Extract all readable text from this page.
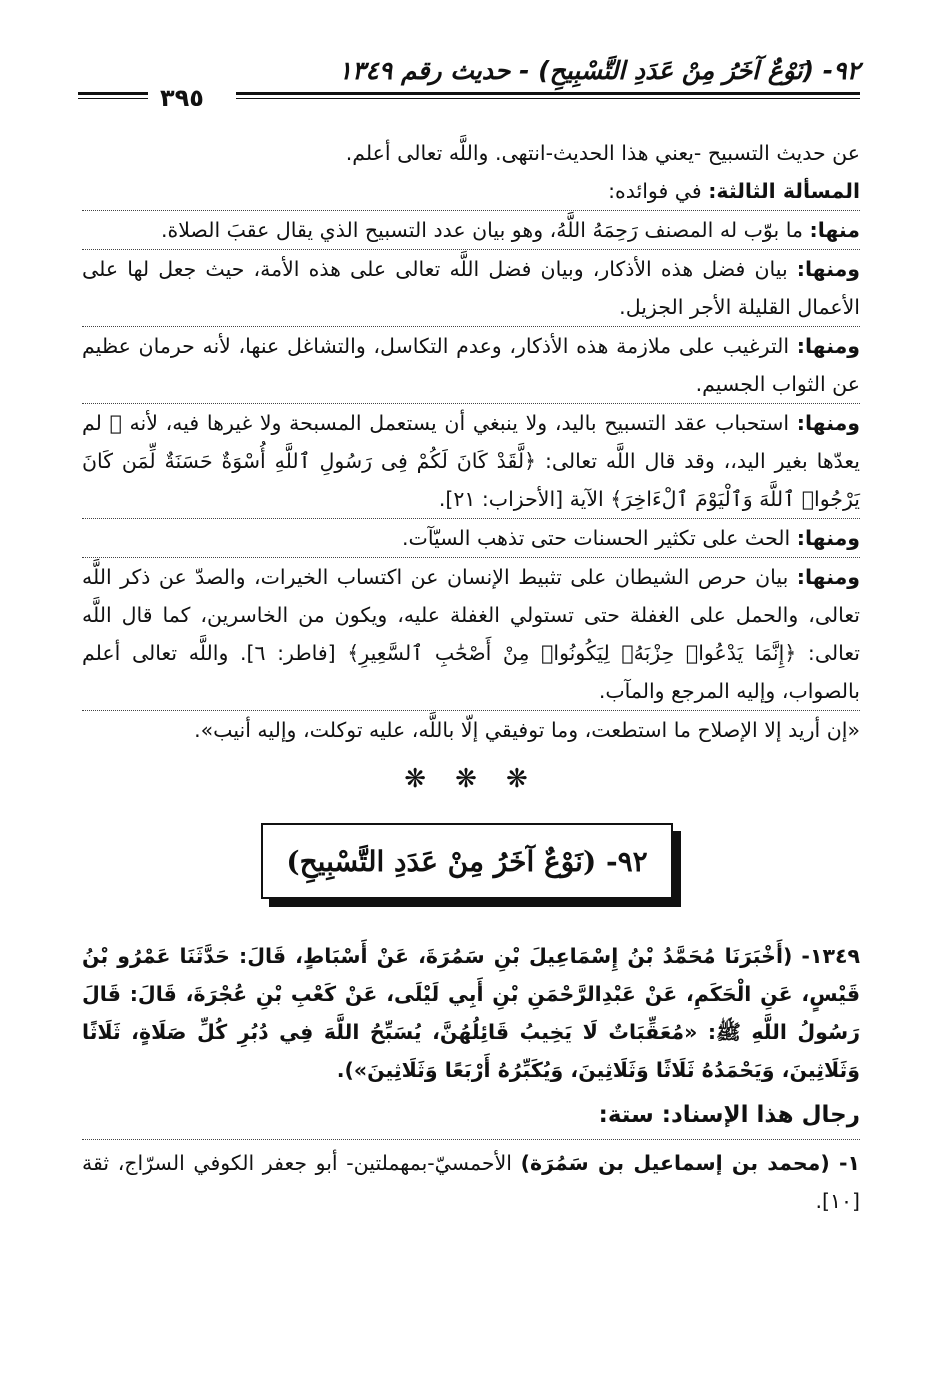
٩٢- (نَوْعٌ آخَرُ مِنْ عَدَدِ التَّسْبِيحِ) - حديث رقم ١٣٤٩
٣٩٥

عن حديث التسبيح -يعني هذا الحديث-انتهى. واللَّه تعالى أعلم.

المسألة الثالثة: في فوائده:

منها: ما بوّب له المصنف رَحِمَهُ اللَّهُ، وهو بيان عدد التسبيح الذي يقال عقبَ الصلاة.

ومنها: بيان فضل هذه الأذكار، وبيان فضل اللَّه تعالى على هذه الأمة، حيث جعل لها على الأعمال القليلة الأجر الجزيل.

ومنها: الترغيب على ملازمة هذه الأذكار، وعدم التكاسل، والتشاغل عنها، لأنه حرمان عظيم عن الثواب الجسيم.

ومنها: استحباب عقد التسبيح باليد، ولا ينبغي أن يستعمل المسبحة ولا غيرها فيه، لأنه ﷺ لم يعدّها بغير اليد،، وقد قال اللَّه تعالى: ﴿لَّقَدْ كَانَ لَكُمْ فِى رَسُولِ ٱللَّهِ أُسْوَةٌ حَسَنَةٌ لِّمَن كَانَ يَرْجُوا۟ ٱللَّهَ وَٱلْيَوْمَ ٱلْءَاخِرَ﴾ الآية [الأحزاب: ٢١].

ومنها: الحث على تكثير الحسنات حتى تذهب السيّآت.

ومنها: بيان حرص الشيطان على تثبيط الإنسان عن اكتساب الخيرات، والصدّ عن ذكر اللَّه تعالى، والحمل على الغفلة حتى تستولي الغفلة عليه، ويكون من الخاسرين، كما قال اللَّه تعالى: ﴿إِنَّمَا يَدْعُوا۟ حِزْبَهُۥ لِيَكُونُوا۟ مِنْ أَصْحَٰبِ ٱلسَّعِيرِ﴾ [فاطر: ٦]. واللَّه تعالى أعلم بالصواب، وإليه المرجع والمآب.

«إن أريد إلا الإصلاح ما استطعت، وما توفيقي إلّا باللَّه، عليه توكلت، وإليه أنيب».

❋ ❋ ❋
٩٢- (نَوْعٌ آخَرُ مِنْ عَدَدِ التَّسْبِيحِ)

١٣٤٩- (أَخْبَرَنَا مُحَمَّدُ بْنُ إِسْمَاعِيلَ بْنِ سَمُرَةَ، عَنْ أَسْبَاطٍ، قَالَ: حَدَّثَنَا عَمْرُو بْنُ قَيْسٍ، عَنِ الْحَكَمِ، عَنْ عَبْدِالرَّحْمَنِ بْنِ أَبِي لَيْلَى، عَنْ كَعْبِ بْنِ عُجْرَةَ، قَالَ: قَالَ رَسُولُ اللَّهِ ﷺ: «مُعَقِّبَاتٌ لَا يَخِيبُ قَائِلُهُنَّ، يُسَبِّحُ اللَّهَ فِي دُبُرِ كُلِّ صَلَاةٍ، ثَلَاثًا وَثَلَاثِينَ، وَيَحْمَدُهُ ثَلَاثًا وَثَلَاثِينَ، وَيُكَبِّرُهُ أَرْبَعًا وَثَلَاثِينَ»).

رجال هذا الإسناد: ستة:

١- (محمد بن إسماعيل بن سَمُرَة) الأحمسيّ-بمهملتين- أبو جعفر الكوفي السرّاج، ثقة [١٠].
